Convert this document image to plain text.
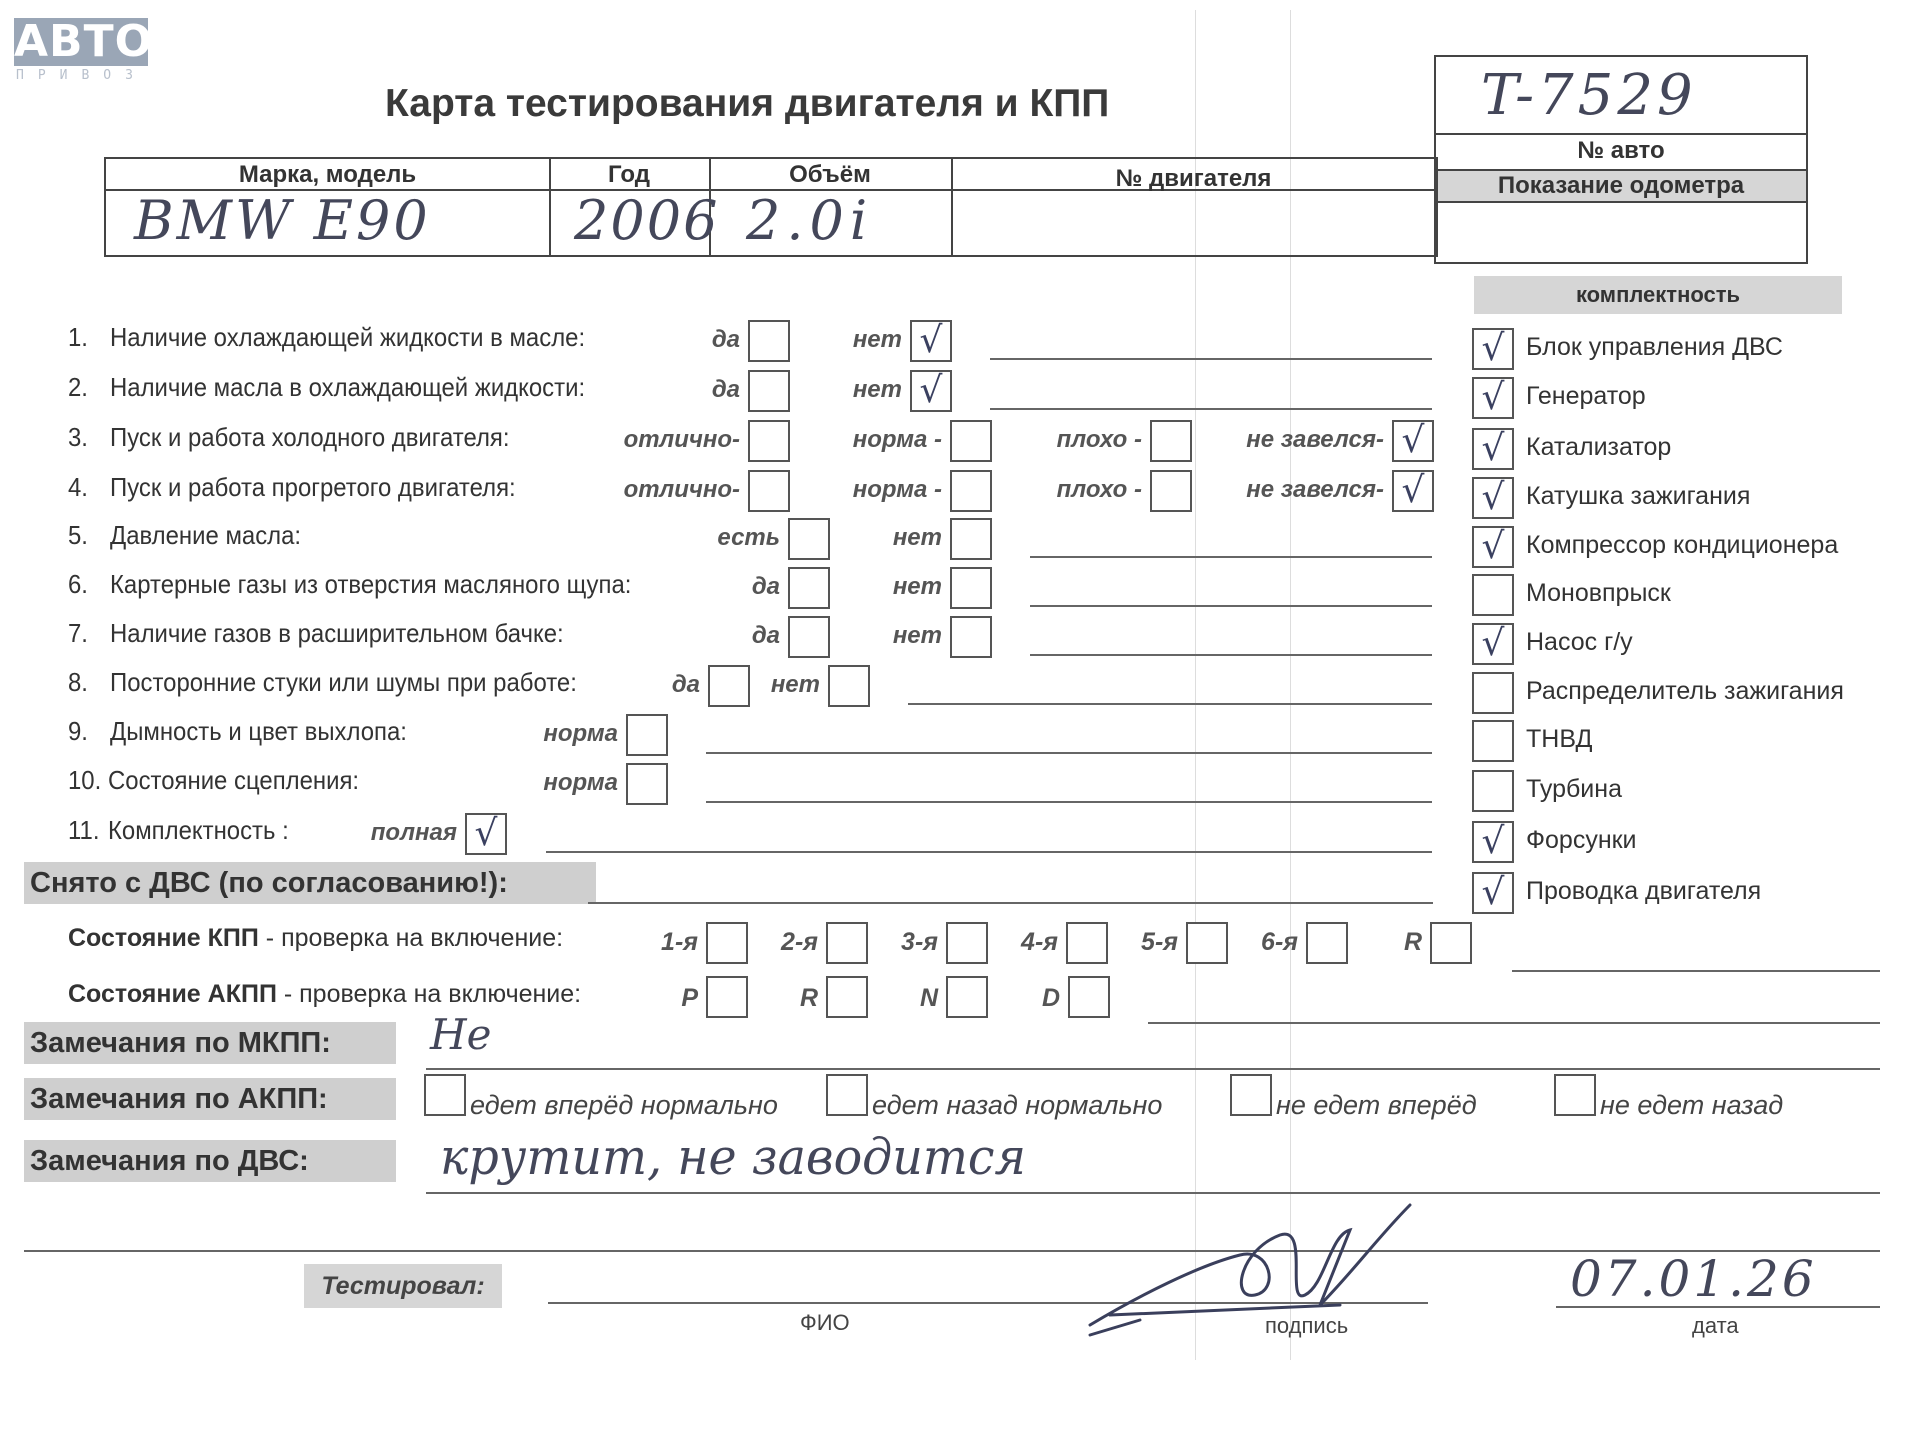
АВТО
ПРИВОЗ
Карта тестирования двигателя и КПП	T-7529
№ авто
Показание одометра
Марка, модель	Год	Объём	№ двигателя
BMW E90	2006 2.0i
комплектность
1. Наличие охлаждающей жидкости в масле:	да	нет √
2. Наличие масла в охлаждающей жидкости:	да	нет √
3. Пуск и работа холодного двигателя:	отлично-	норма -	плохо -	не завелся- √
4. Пуск и работа прогретого двигателя:	отлично-	норма -	плохо -	не завелся- √
5. Давление масла:	есть	нет
6. Картерные газы из отверстия масляного щупа:	да	нет
7. Наличие газов в расширительном бачке:	да	нет
8. Посторонние стуки или шумы при работе:	да	нет
9. Дымность и цвет выхлопа:	норма
10. Состояние сцепления:	норма
11. Комплектность :	полная √
√ Блок управления ДВС
√ Генератор
√ Катализатор
√ Катушка зажигания
√ Компрессор кондиционера
Моновпрыск
√ Насос г/у
Распределитель зажигания
ТНВД
Турбина
√ Форсунки
√ Проводка двигателя
Снято с ДВС (по согласованию!):
Состояние КПП - проверка на включение:	1-я	2-я	3-я	4-я	5-я	6-я	R
Состояние АКПП - проверка на включение:	P	R	N	D
Замечания по МКПП:	Не
Замечания по АКПП:	едет вперёд нормально	едет назад нормально	не едет вперёд	не едет назад
Замечания по ДВС:	крутит, не заводится
Тестировал:
ФИО	подпись
07.01.26
дата
